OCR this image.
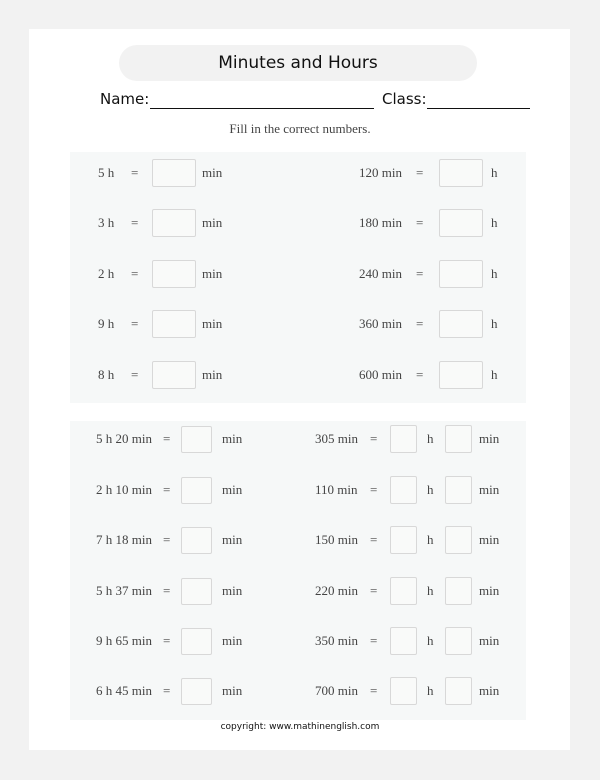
Minutes and Hours
Name:	Class:
Fill in the correct numbers.
5 h =	min	120 min =	h
3 h =	min	180 min =	h
2 h =	min	240 min =	h
9 h =	min	360 min =	h
8 h =	min	600 min =	h
5 h 20 min =	min	305 min =	h	min
2 h 10 min =	min	110 min =	h	min
7 h 18 min =	min	150 min =	h	min
5 h 37 min =	min	220 min =	h	min
9 h 65 min =	min	350 min =	h	min
6 h 45 min =	min	700 min =	h	min
copyright: www.mathinenglish.com
